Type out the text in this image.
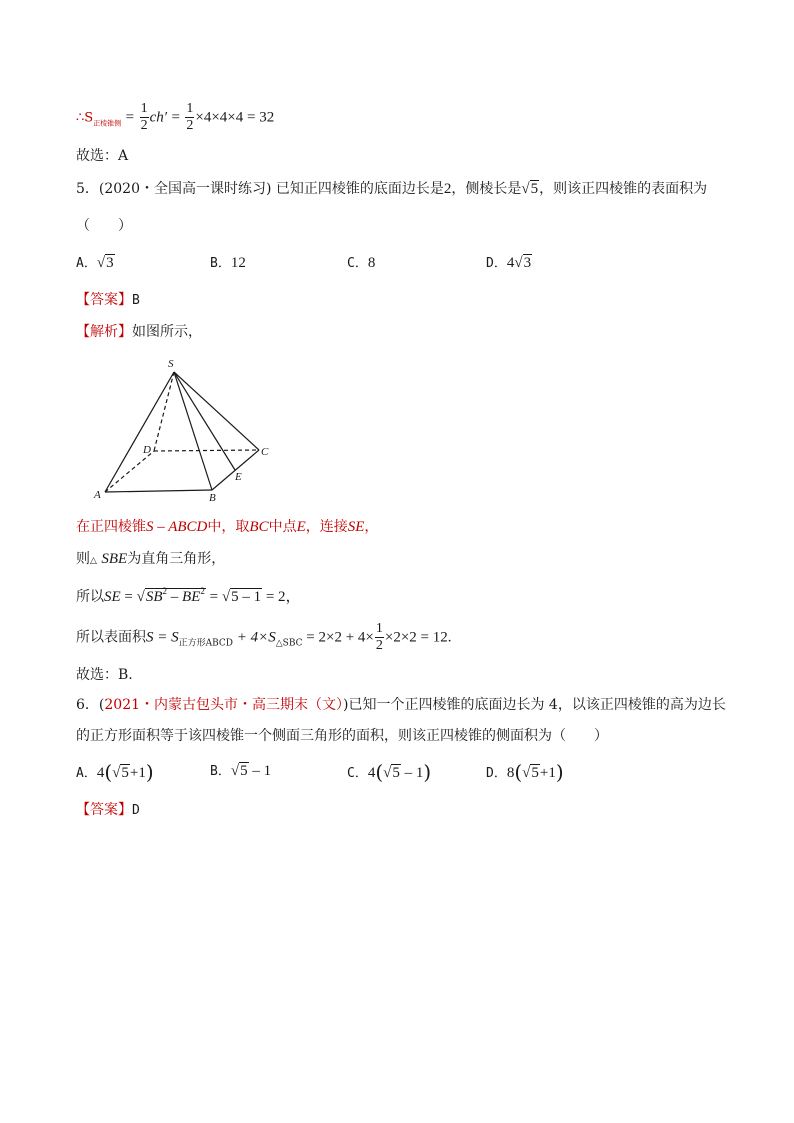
$\therefore S_{正棱锥侧} = \frac{1}{2} ch' = \frac{1}{2} \times 4\times 4\times 4 = 32$
故选：A
5．(2020・全国高一课时练习) 已知正四棱锥的底面边长是2，侧棱长是√5，则该正四棱锥的表面积为
（　　）
A．√3	B．12	C．8	D．4√3
【答案】B
【解析】如图所示，
S
A	B
C
D
E
在正四棱锥S – ABCD中，取BC中点E，连接SE，
则△ SBE为直角三角形，
所以SE = $√SB^2 - BE^2 = √5 - 1 = 2$，
所以表面积$S = S_{正方形ABCD} + 4\times S_{\triangle SBC} = 2\times 2 + 4\times \frac{1}{2} \times 2\times 2 = 12$.
故选：B.
6．(2021・内蒙古包头市・高三期末（文）)已知一个正四棱锥的底面边长为 4，以该正四棱锥的高为边长
的正方形面积等于该四棱锥一个侧面三角形的面积，则该正四棱锥的侧面积为（　　）
A．4(√5+1)	B．√5 – 1	C．4(√5 – 1)	D．8(√5+1)
【答案】D
